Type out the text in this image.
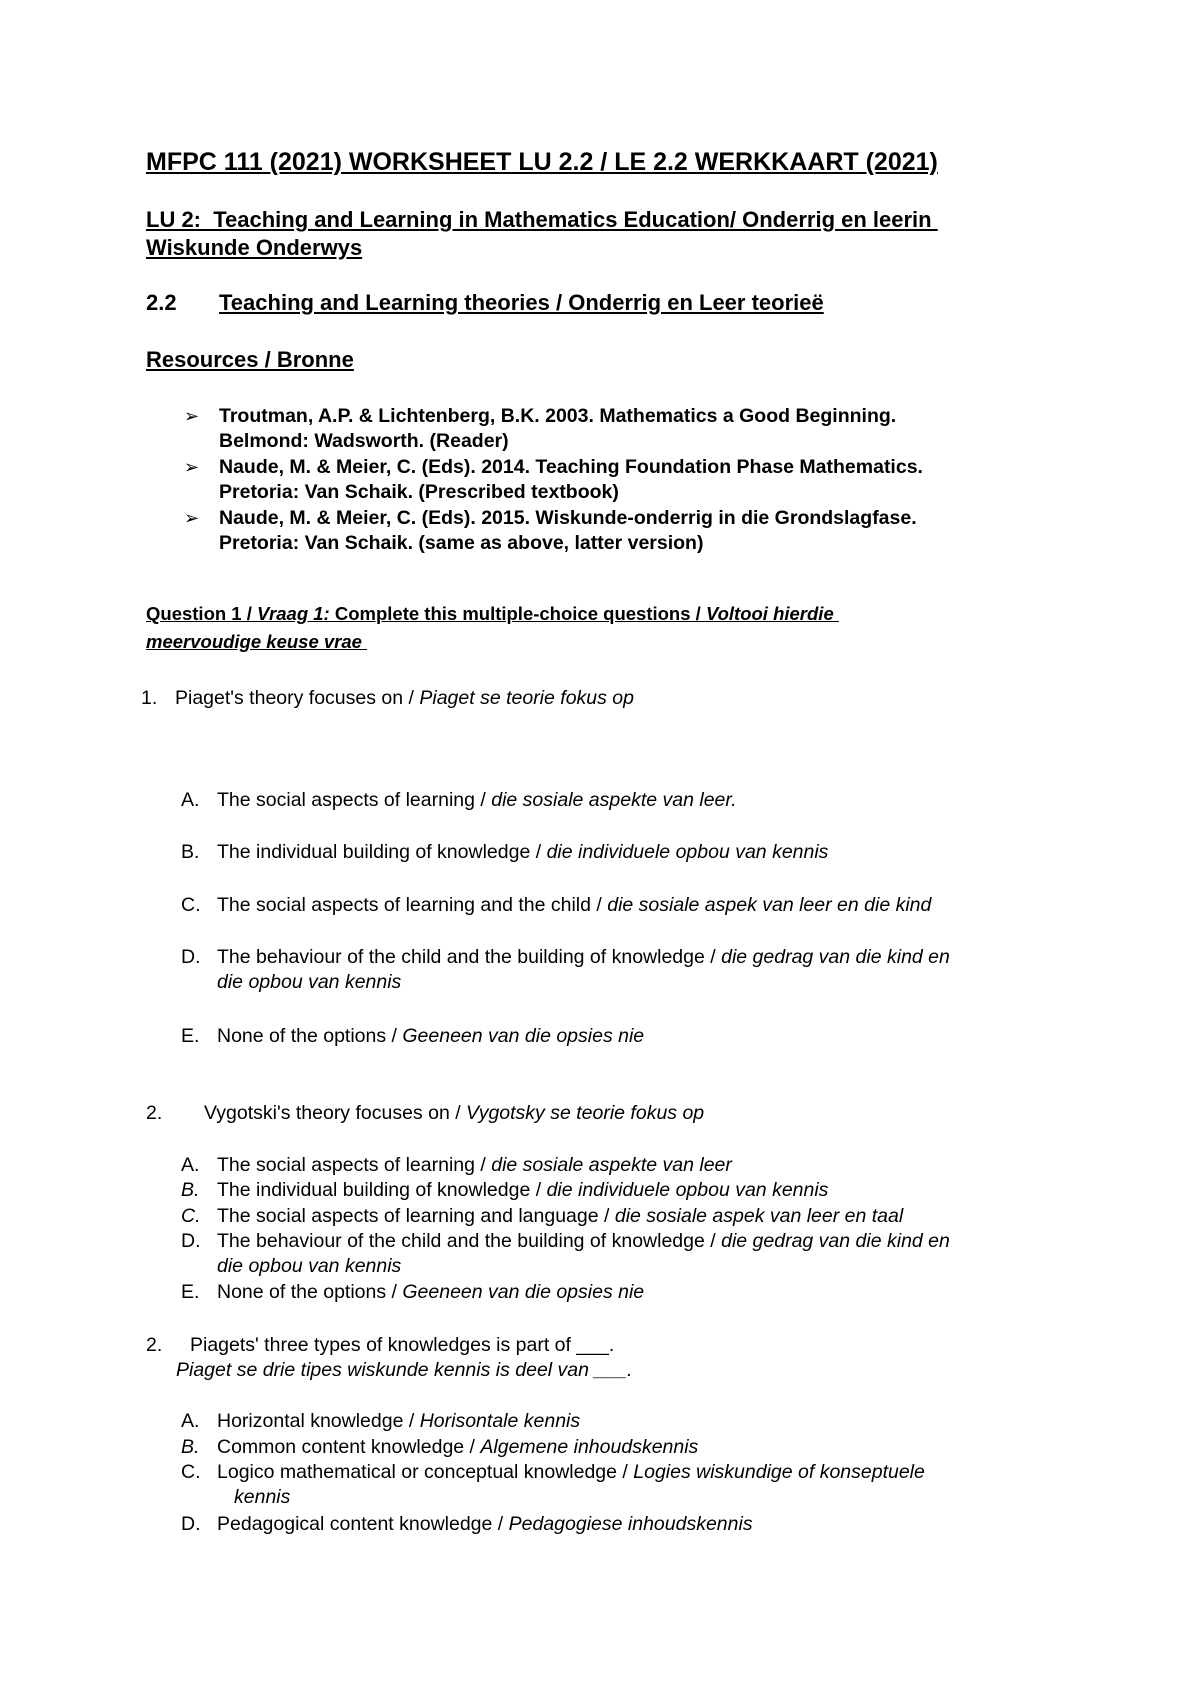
MFPC 111 (2021) WORKSHEET LU 2.2 / LE 2.2 WERKKAART (2021)
LU 2:  Teaching and Learning in Mathematics Education/ Onderrig en leerin
Wiskunde Onderwys
2.2 Teaching and Learning theories / Onderrig en Leer teorieë
Resources / Bronne
➢ Troutman, A.P. & Lichtenberg, B.K. 2003. Mathematics a Good Beginning.
Belmond: Wadsworth. (Reader)
➢ Naude, M. & Meier, C. (Eds). 2014. Teaching Foundation Phase Mathematics.
Pretoria: Van Schaik. (Prescribed textbook)
➢ Naude, M. & Meier, C. (Eds). 2015. Wiskunde-onderrig in die Grondslagfase.
Pretoria: Van Schaik. (same as above, latter version)
Question 1 / Vraag 1: Complete this multiple-choice questions / Voltooi hierdie
meervoudige keuse vrae
1. Piaget's theory focuses on / Piaget se teorie fokus op
A. The social aspects of learning / die sosiale aspekte van leer.
B. The individual building of knowledge / die individuele opbou van kennis
C. The social aspects of learning and the child / die sosiale aspek van leer en die kind
D. The behaviour of the child and the building of knowledge / die gedrag van die kind en
die opbou van kennis
E. None of the options / Geeneen van die opsies nie
2. Vygotski's theory focuses on / Vygotsky se teorie fokus op
A. The social aspects of learning / die sosiale aspekte van leer
B. The individual building of knowledge / die individuele opbou van kennis
C. The social aspects of learning and language / die sosiale aspek van leer en taal
D. The behaviour of the child and the building of knowledge / die gedrag van die kind en
die opbou van kennis
E. None of the options / Geeneen van die opsies nie
2. Piagets' three types of knowledges is part of ___.
Piaget se drie tipes wiskunde kennis is deel van ___.
A. Horizontal knowledge / Horisontale kennis
B. Common content knowledge / Algemene inhoudskennis
C. Logico mathematical or conceptual knowledge / Logies wiskundige of konseptuele
kennis
D. Pedagogical content knowledge / Pedagogiese inhoudskennis
